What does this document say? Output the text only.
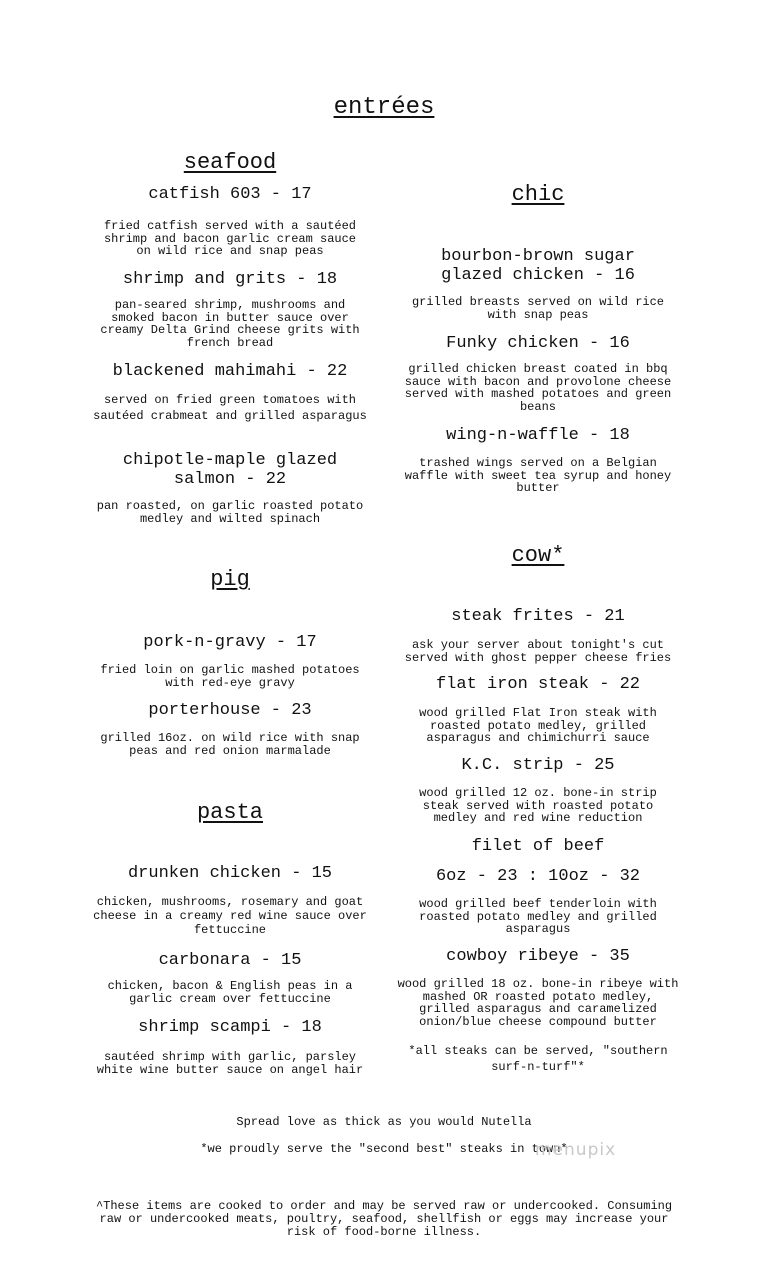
entrées
seafood
catfish 603 - 17
fried catfish served with a sautéed shrimp and bacon garlic cream sauce on wild rice and snap peas
shrimp and grits - 18
pan-seared shrimp, mushrooms and smoked bacon in butter sauce over creamy Delta Grind cheese grits with french bread
blackened mahimahi - 22
served on fried green tomatoes with sautéed crabmeat and grilled asparagus
chipotle-maple glazed salmon - 22
pan roasted, on garlic roasted potato medley and wilted spinach
pig
pork-n-gravy - 17
fried loin on garlic mashed potatoes with red-eye gravy
porterhouse - 23
grilled 16oz. on wild rice with snap peas and red onion marmalade
pasta
drunken chicken - 15
chicken, mushrooms, rosemary and goat cheese in a creamy red wine sauce over fettuccine
carbonara - 15
chicken, bacon & English peas in a garlic cream over fettuccine
shrimp scampi - 18
sautéed shrimp with garlic, parsley white wine butter sauce on angel hair
chic
bourbon-brown sugar glazed chicken - 16
grilled breasts served on wild rice with snap peas
Funky chicken - 16
grilled chicken breast coated in bbq sauce with bacon and provolone cheese served with mashed potatoes and green beans
wing-n-waffle - 18
trashed wings served on a Belgian waffle with sweet tea syrup and honey butter
cow*
steak frites - 21
ask your server about tonight's cut served with ghost pepper cheese fries
flat iron steak - 22
wood grilled Flat Iron steak with roasted potato medley, grilled asparagus and chimichurri sauce
K.C. strip - 25
wood grilled 12 oz. bone-in strip steak served with roasted potato medley and red wine reduction
filet of beef
6oz - 23 : 10oz - 32
wood grilled beef tenderloin with roasted potato medley and grilled asparagus
cowboy ribeye - 35
wood grilled 18 oz. bone-in ribeye with mashed OR roasted potato medley, grilled asparagus and caramelized onion/blue cheese compound butter
*all steaks can be served, "southern surf-n-turf"*
Spread love as thick as you would Nutella
*we proudly serve the "second best" steaks in town*
menupix
^These items are cooked to order and may be served raw or undercooked. Consuming raw or undercooked meats, poultry, seafood, shellfish or eggs may increase your risk of food-borne illness.
